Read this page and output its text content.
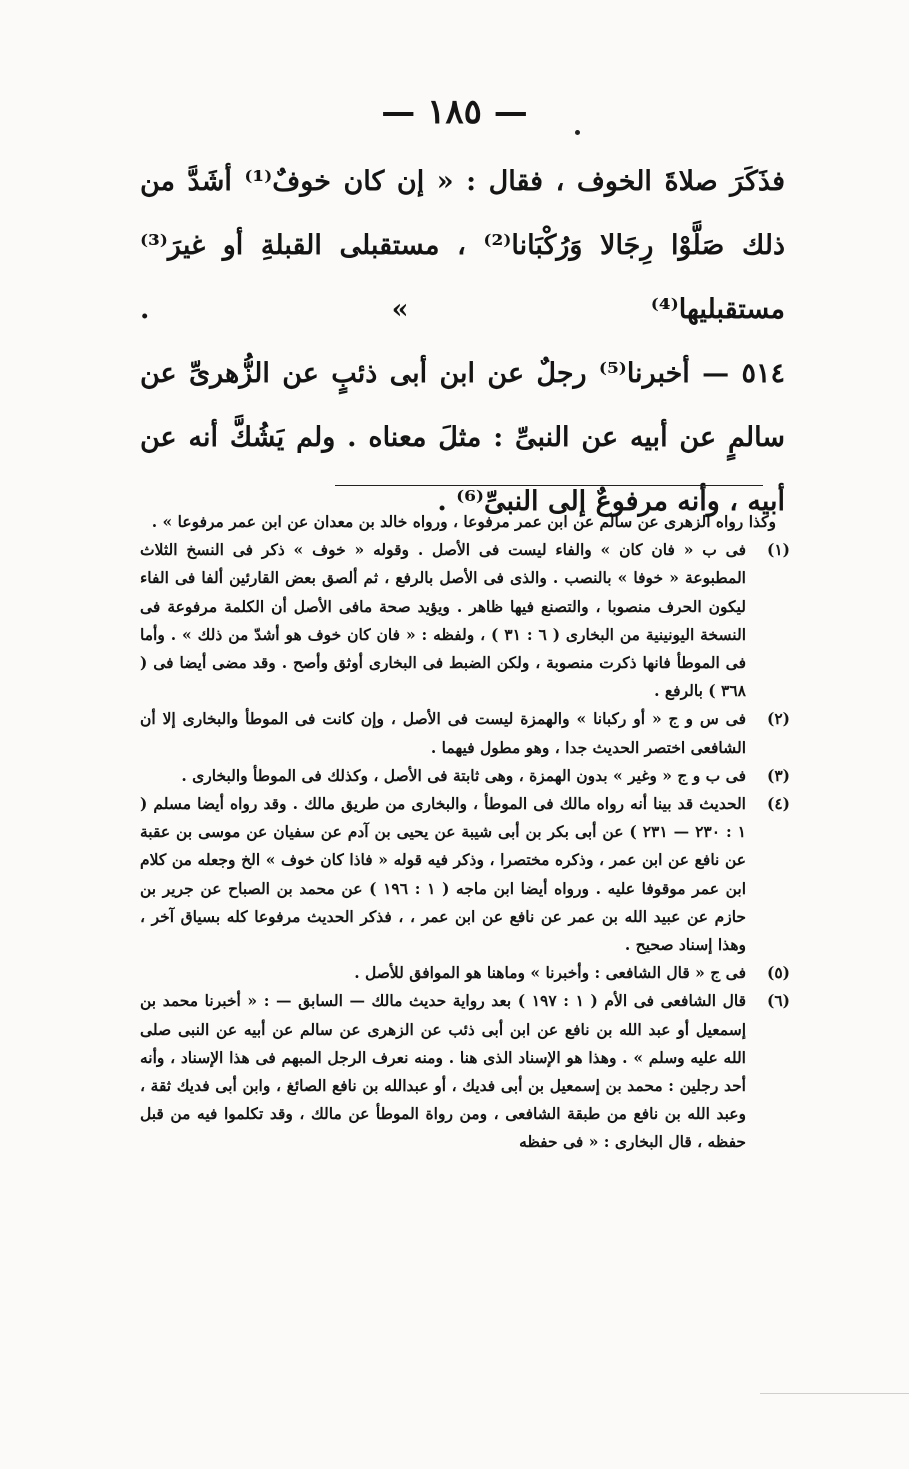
— ١٨٥ —

فذَكَرَ صلاةَ الخوف ، فقال : « إن كان خوفٌ⁽¹⁾ أشَدَّ من ذلك صَلَّوْا رِجَالا وَرُكْبَانا⁽²⁾ ، مستقبلى القبلةِ أو غيرَ⁽³⁾ مستقبليها⁽⁴⁾ » .

٥١٤ — أخبرنا⁽⁵⁾ رجلٌ عن ابن أبى ذئبٍ عن الزُّهرىِّ عن سالمٍ عن أبيه عن النبىِّ : مثلَ معناه . ولم يَشُكَّ أنه عن أبيه ، وأنه مرفوعٌ إلى النبىِّ⁽⁶⁾ .

وكذا رواه الزهرى عن سالم عن ابن عمر مرفوعا ، ورواه خالد بن معدان عن ابن عمر مرفوعا » .

(١)
فى ب « فان كان » والفاء ليست فى الأصل . وقوله « خوف » ذكر فى النسخ الثلاث المطبوعة « خوفا » بالنصب . والذى فى الأصل بالرفع ، ثم ألصق بعض القارئين ألفا فى الفاء ليكون الحرف منصوبا ، والتصنع فيها ظاهر . ويؤيد صحة مافى الأصل أن الكلمة مرفوعة فى النسخة اليونينية من البخارى ( ٦ : ٣١ ) ، ولفظه : « فان كان خوف هو أشدّ من ذلك » . وأما فى الموطأ فانها ذكرت منصوبة ، ولكن الضبط فى البخارى أوثق وأصح . وقد مضى أيضا فى ( ٣٦٨ ) بالرفع .
(٢)
فى س و ج « أو ركبانا » والهمزة ليست فى الأصل ، وإن كانت فى الموطأ والبخارى إلا أن الشافعى اختصر الحديث جدا ، وهو مطول فيهما .
(٣)
فى ب و ج « وغير » بدون الهمزة ، وهى ثابتة فى الأصل ، وكذلك فى الموطأ والبخارى .
(٤)
الحديث قد بينا أنه رواه مالك فى الموطأ ، والبخارى من طريق مالك . وقد رواه أيضا مسلم ( ١ : ٢٣٠ — ٢٣١ ) عن أبى بكر بن أبى شيبة عن يحيى بن آدم عن سفيان عن موسى بن عقبة عن نافع عن ابن عمر ، وذكره مختصرا ، وذكر فيه قوله « فاذا كان خوف » الخ وجعله من كلام ابن عمر موقوفا عليه . ورواه أيضا ابن ماجه ( ١ : ١٩٦ ) عن محمد بن الصباح عن جرير بن حازم عن عبيد الله بن عمر عن نافع عن ابن عمر ، ، فذكر الحديث مرفوعا كله بسياق آخر ، وهذا إسناد صحيح .
(٥)
فى ج « قال الشافعى : وأخبرنا » وماهنا هو الموافق للأصل .
(٦)
قال الشافعى فى الأم ( ١ : ١٩٧ ) بعد رواية حديث مالك — السابق — : « أخبرنا محمد بن إسمعيل أو عبد الله بن نافع عن ابن أبى ذئب عن الزهرى عن سالم عن أبيه عن النبى صلى الله عليه وسلم » . وهذا هو الإسناد الذى هنا . ومنه نعرف الرجل المبهم فى هذا الإسناد ، وأنه أحد رجلين : محمد بن إسمعيل بن أبى فديك ، أو عبدالله بن نافع الصائغ ، وابن أبى فديك ثقة ، وعبد الله بن نافع من طبقة الشافعى ، ومن رواة الموطأ عن مالك ، وقد تكلموا فيه من قبل حفظه ، قال البخارى : « فى حفظه
